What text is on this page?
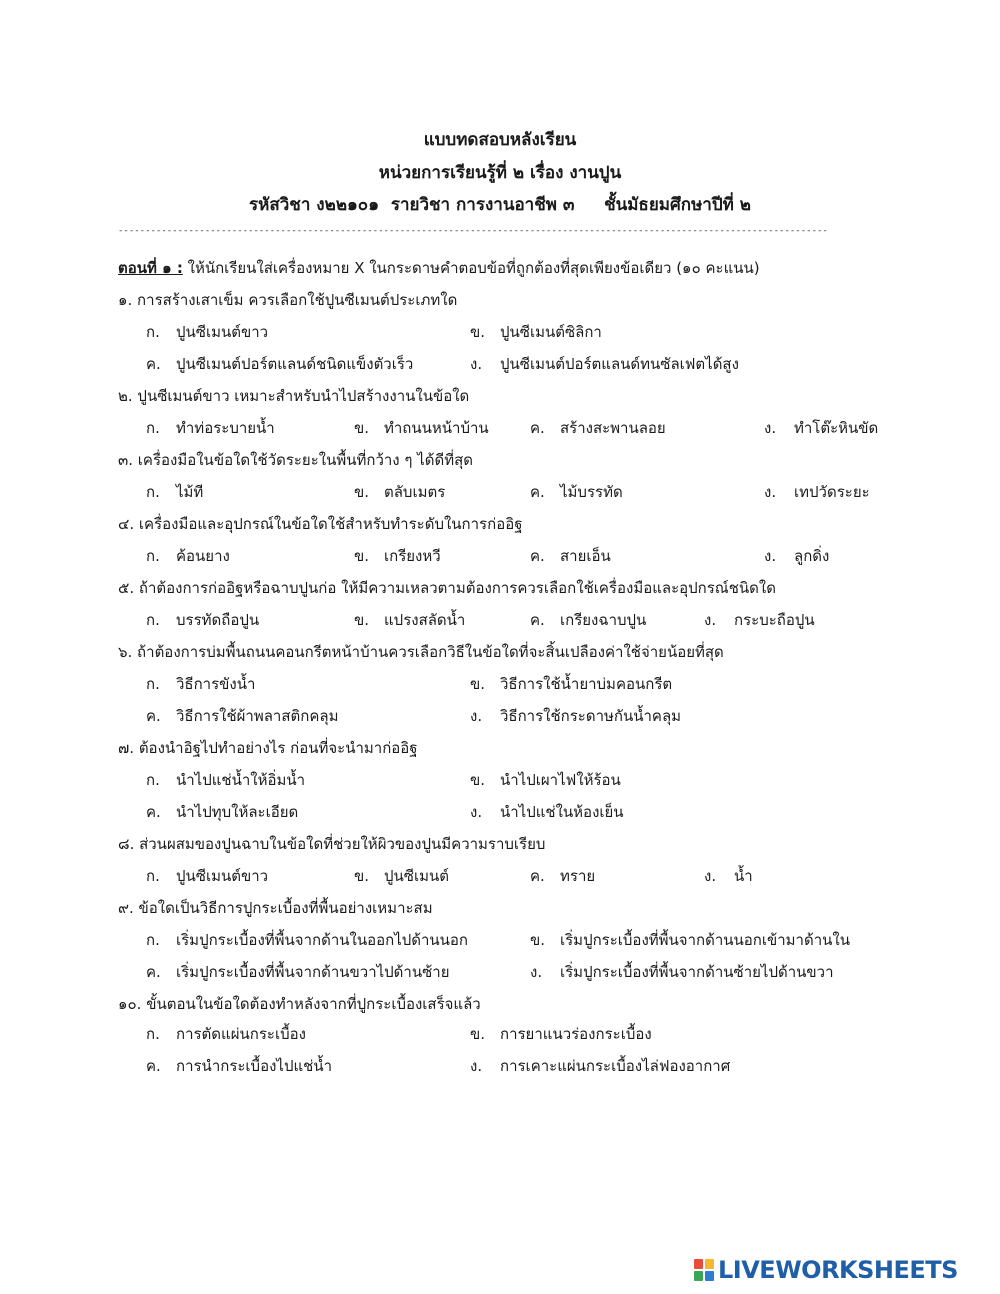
แบบทดสอบหลังเรียน
หน่วยการเรียนรู้ที่ ๒ เรื่อง งานปูน
รหัสวิชา ง๒๒๑๐๑  รายวิชา การงานอาชีพ ๓     ชั้นมัธยมศึกษาปีที่ ๒
-----------------------------------------------------------------------------------------------------------------------------------
ตอนที่ ๑ : ให้นักเรียนใส่เครื่องหมาย X ในกระดาษคำตอบข้อที่ถูกต้องที่สุดเพียงข้อเดียว (๑๐ คะแนน)
๑. การสร้างเสาเข็ม ควรเลือกใช้ปูนซีเมนต์ประเภทใด
ก. ปูนซีเมนต์ขาว	ข. ปูนซีเมนต์ซิลิกา
ค. ปูนซีเมนต์ปอร์ตแลนด์ชนิดแข็งตัวเร็ว	ง. ปูนซีเมนต์ปอร์ตแลนด์ทนซัลเฟตได้สูง
๒. ปูนซีเมนต์ขาว เหมาะสำหรับนำไปสร้างงานในข้อใด
ก. ทำท่อระบายน้ำ	ข. ทำถนนหน้าบ้าน	ค. สร้างสะพานลอย	ง. ทำโต๊ะหินขัด
๓. เครื่องมือในข้อใดใช้วัดระยะในพื้นที่กว้าง ๆ ได้ดีที่สุด
ก. ไม้ที	ข. ตลับเมตร	ค. ไม้บรรทัด	ง. เทปวัดระยะ
๔. เครื่องมือและอุปกรณ์ในข้อใดใช้สำหรับทำระดับในการก่ออิฐ
ก. ค้อนยาง	ข. เกรียงหวี	ค. สายเอ็น	ง. ลูกดิ่ง
๕. ถ้าต้องการก่ออิฐหรือฉาบปูนก่อ ให้มีความเหลวตามต้องการควรเลือกใช้เครื่องมือและอุปกรณ์ชนิดใด
ก. บรรทัดถือปูน	ข. แปรงสลัดน้ำ	ค. เกรียงฉาบปูน	ง. กระบะถือปูน
๖. ถ้าต้องการบ่มพื้นถนนคอนกรีตหน้าบ้านควรเลือกวิธีในข้อใดที่จะสิ้นเปลืองค่าใช้จ่ายน้อยที่สุด
ก. วิธีการขังน้ำ	ข. วิธีการใช้น้ำยาบ่มคอนกรีต
ค. วิธีการใช้ผ้าพลาสติกคลุม	ง. วิธีการใช้กระดาษกันน้ำคลุม
๗. ต้องนำอิฐไปทำอย่างไร ก่อนที่จะนำมาก่ออิฐ
ก. นำไปแช่น้ำให้อิ่มน้ำ	ข. นำไปเผาไฟให้ร้อน
ค. นำไปทุบให้ละเอียด	ง. นำไปแช่ในห้องเย็น
๘. ส่วนผสมของปูนฉาบในข้อใดที่ช่วยให้ผิวของปูนมีความราบเรียบ
ก. ปูนซีเมนต์ขาว	ข. ปูนซีเมนต์	ค. ทราย	ง. น้ำ
๙. ข้อใดเป็นวิธีการปูกระเบื้องที่พื้นอย่างเหมาะสม
ก. เริ่มปูกระเบื้องที่พื้นจากด้านในออกไปด้านนอก	ข. เริ่มปูกระเบื้องที่พื้นจากด้านนอกเข้ามาด้านใน
ค. เริ่มปูกระเบื้องที่พื้นจากด้านขวาไปด้านซ้าย	ง. เริ่มปูกระเบื้องที่พื้นจากด้านซ้ายไปด้านขวา
๑๐. ขั้นตอนในข้อใดต้องทำหลังจากที่ปูกระเบื้องเสร็จแล้ว
ก. การตัดแผ่นกระเบื้อง	ข. การยาแนวร่องกระเบื้อง
ค. การนำกระเบื้องไปแช่น้ำ	ง. การเคาะแผ่นกระเบื้องไล่ฟองอากาศ
LIVEWORKSHEETS
